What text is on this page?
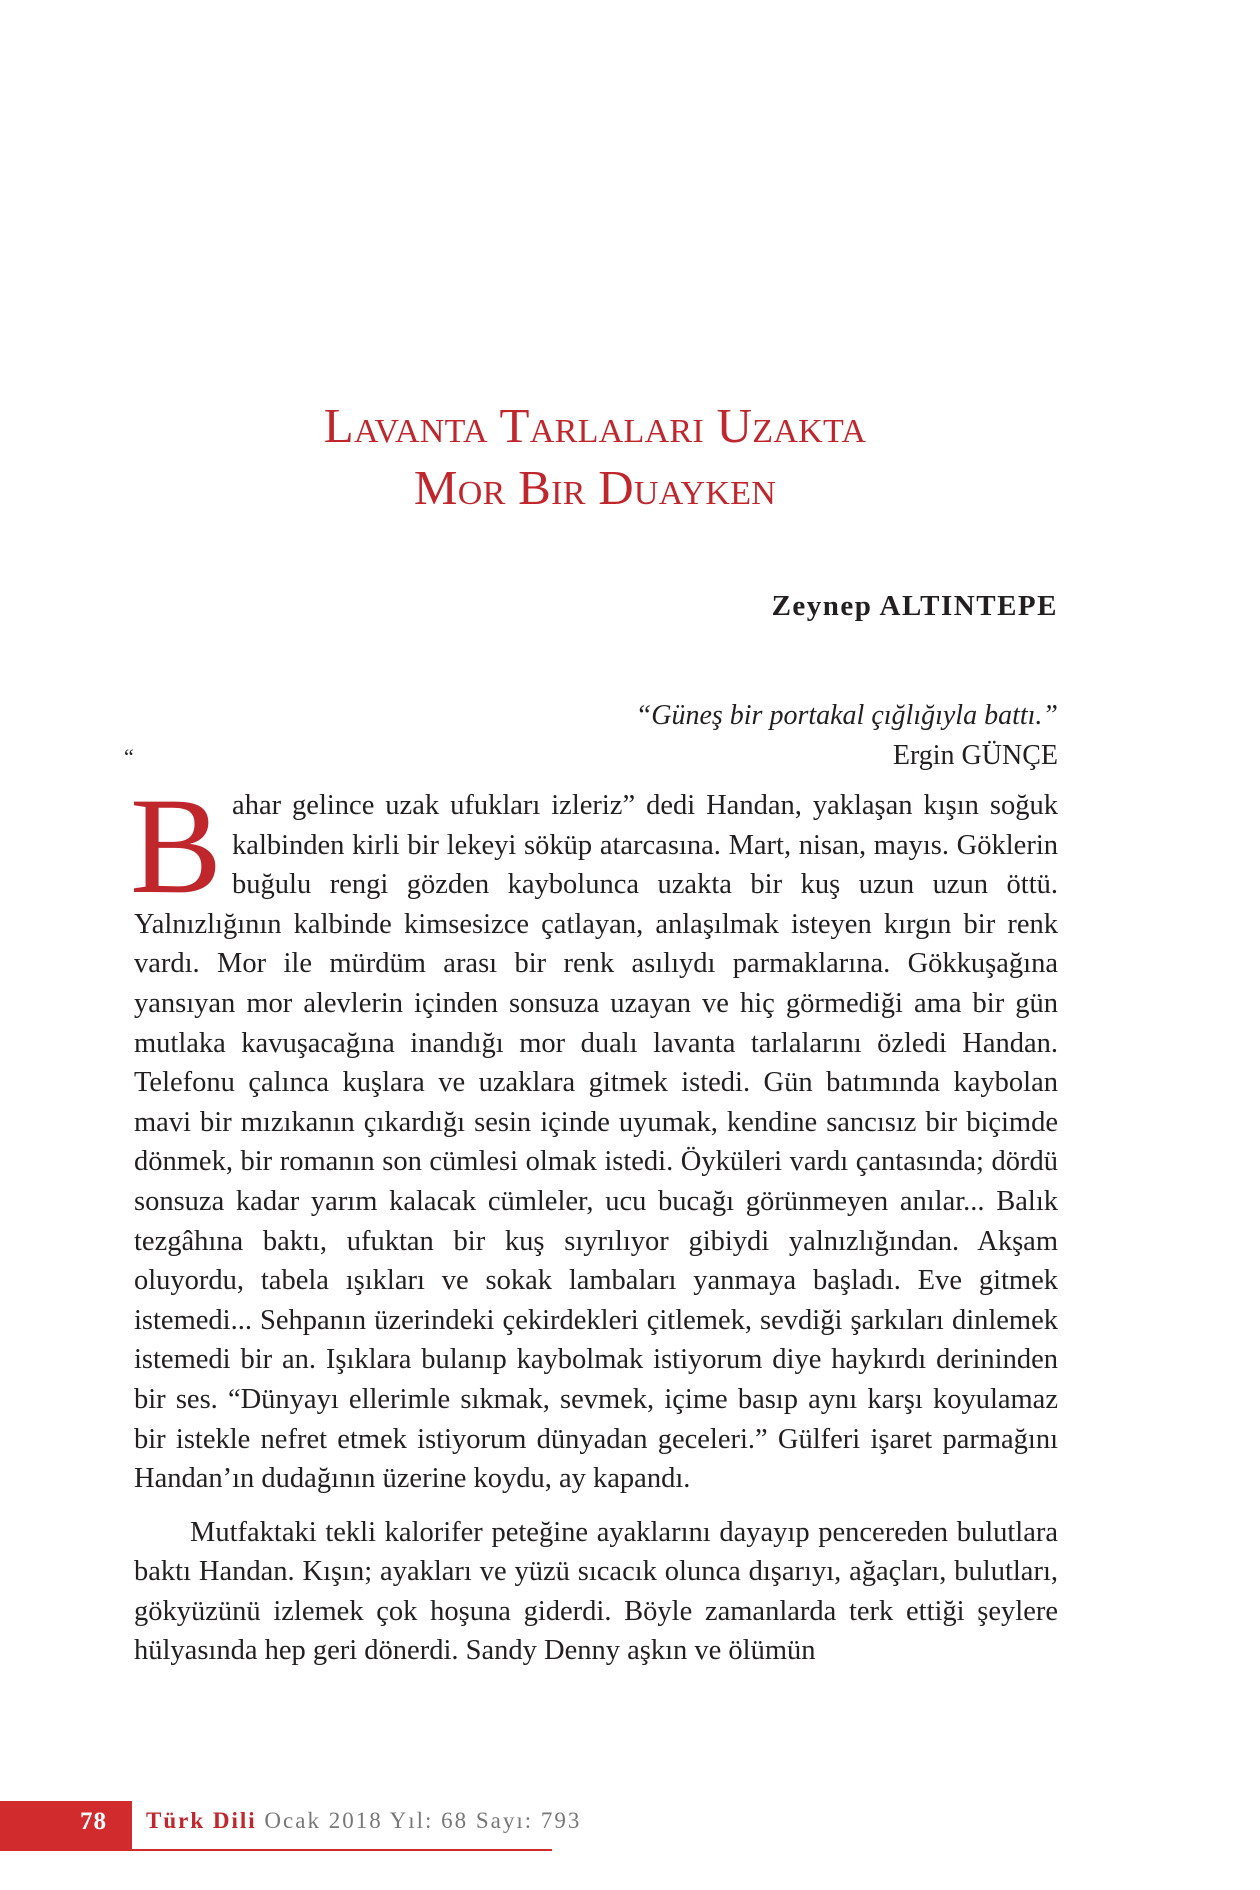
Lavanta Tarlaları Uzakta
Mor Bir Duayken
Zeynep ALTINTEPE
“Güneş bir portakal çığlığıyla battı.”
Ergin GÜNÇE
“

Bahar gelince uzak ufukları izleriz” dedi Handan, yaklaşan kışın soğuk kalbinden kirli bir lekeyi söküp atarcasına. Mart, nisan, mayıs. Göklerin buğulu rengi gözden kaybolunca uzakta bir kuş uzun uzun öttü. Yalnızlığının kalbinde kimsesizce çatlayan, anlaşılmak isteyen kırgın bir renk vardı. Mor ile mürdüm arası bir renk asılıydı parmaklarına. Gökkuşağına yansıyan mor alevlerin içinden sonsuza uzayan ve hiç görmediği ama bir gün mutlaka kavuşacağına inandığı mor dualı lavanta tarlalarını özledi Handan. Telefonu çalınca kuşlara ve uzaklara gitmek istedi. Gün batımında kaybolan mavi bir mızıkanın çıkardığı sesin içinde uyumak, kendine sancısız bir biçimde dönmek, bir romanın son cümlesi olmak istedi. Öyküleri vardı çantasında; dördü sonsuza kadar yarım kalacak cümleler, ucu bucağı görünmeyen anılar... Balık tezgâhına baktı, ufuktan bir kuş sıyrılıyor gibiydi yalnızlığından. Akşam oluyordu, tabela ışıkları ve sokak lambaları yanmaya başladı. Eve gitmek istemedi... Sehpanın üzerindeki çekirdekleri çitlemek, sevdiği şarkıları dinlemek istemedi bir an. Işıklara bulanıp kaybolmak istiyorum diye haykırdı derininden bir ses. “Dünyayı ellerimle sıkmak, sevmek, içime basıp aynı karşı koyulamaz bir istekle nefret etmek istiyorum dünyadan geceleri.” Gülferi işaret parmağını Handan’ın dudağının üzerine koydu, ay kapandı.

Mutfaktaki tekli kalorifer peteğine ayaklarını dayayıp pencereden bulutlara baktı Handan. Kışın; ayakları ve yüzü sıcacık olunca dışarıyı, ağaçları, bulutları, gökyüzünü izlemek çok hoşuna giderdi. Böyle zamanlarda terk ettiği şeylere hülyasında hep geri dönerdi. Sandy Denny aşkın ve ölümün

78 Türk Dili Ocak 2018 Yıl: 68 Sayı: 793
